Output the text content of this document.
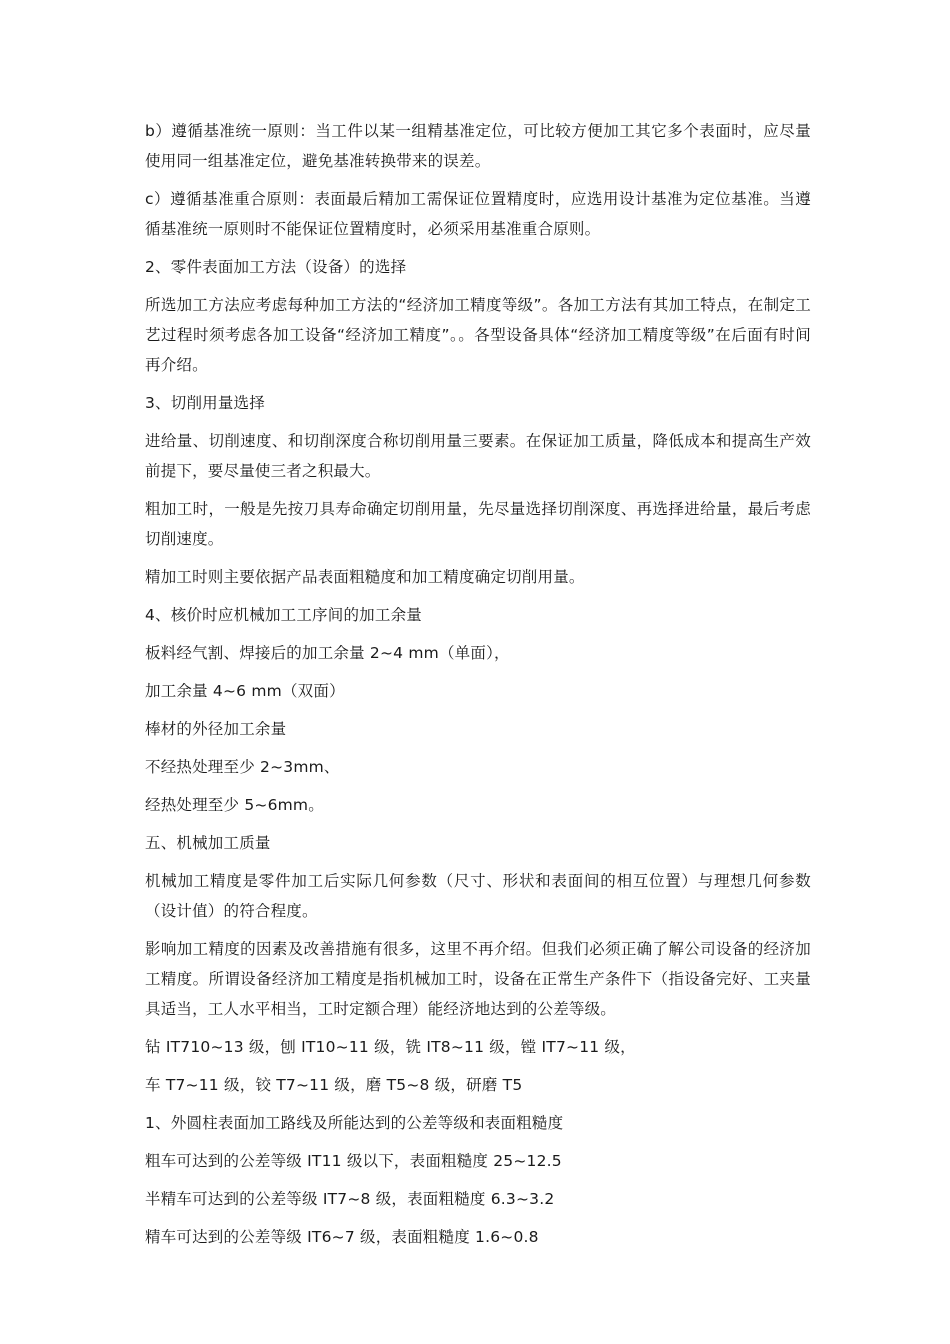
b）遵循基准统一原则：当工件以某一组精基准定位，可比较方便加工其它多个表面时，应尽量使用同一组基准定位，避免基准转换带来的误差。

c）遵循基准重合原则：表面最后精加工需保证位置精度时，应选用设计基准为定位基准。当遵循基准统一原则时不能保证位置精度时，必须采用基准重合原则。

2、零件表面加工方法（设备）的选择

所选加工方法应考虑每种加工方法的“经济加工精度等级”。各加工方法有其加工特点，在制定工艺过程时须考虑各加工设备“经济加工精度”。。各型设备具体“经济加工精度等级”在后面有时间再介绍。

3、切削用量选择

进给量、切削速度、和切削深度合称切削用量三要素。在保证加工质量，降低成本和提高生产效前提下，要尽量使三者之积最大。

粗加工时，一般是先按刀具寿命确定切削用量，先尽量选择切削深度、再选择进给量，最后考虑切削速度。

精加工时则主要依据产品表面粗糙度和加工精度确定切削用量。

4、核价时应机械加工工序间的加工余量

板料经气割、焊接后的加工余量 2~4 mm（单面），

加工余量 4~6 mm（双面）

棒材的外径加工余量

不经热处理至少 2~3mm、

经热处理至少 5~6mm。

五、机械加工质量

机械加工精度是零件加工后实际几何参数（尺寸、形状和表面间的相互位置）与理想几何参数（设计值）的符合程度。

影响加工精度的因素及改善措施有很多，这里不再介绍。但我们必须正确了解公司设备的经济加工精度。所谓设备经济加工精度是指机械加工时，设备在正常生产条件下（指设备完好、工夹量具适当，工人水平相当，工时定额合理）能经济地达到的公差等级。

钻 IT710~13 级，刨 IT10~11 级，铣 IT8~11 级，镗 IT7~11 级，

车 T7~11 级，铰 T7~11 级，磨 T5~8 级，研磨 T5

1、外圆柱表面加工路线及所能达到的公差等级和表面粗糙度

粗车可达到的公差等级 IT11 级以下，表面粗糙度 25~12.5

半精车可达到的公差等级 IT7~8 级，表面粗糙度 6.3~3.2

精车可达到的公差等级 IT6~7 级，表面粗糙度 1.6~0.8
